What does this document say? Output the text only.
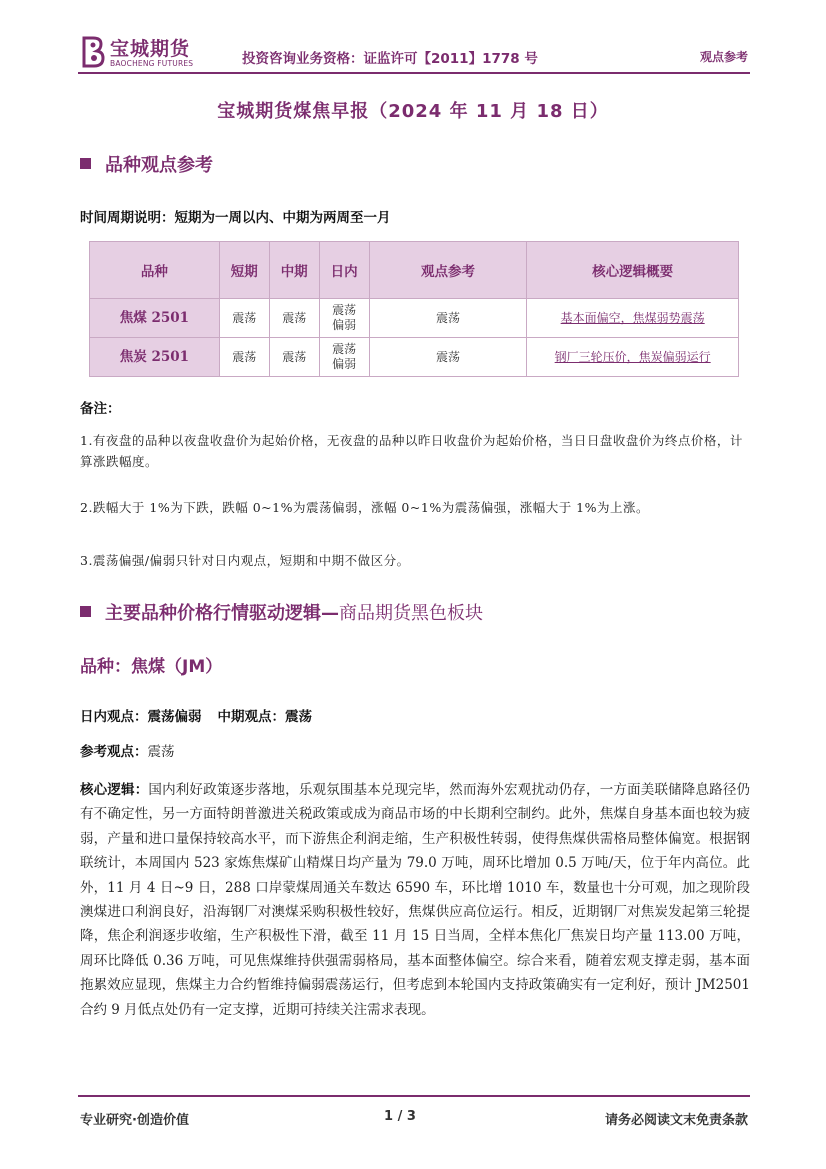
宝城期货
BAOCHENG FUTURES	投资咨询业务资格：证监许可【2011】1778 号	观点参考
宝城期货煤焦早报（2024 年 11 月 18 日）
品种观点参考
时间周期说明：短期为一周以内、中期为两周至一月
品种	短期	中期	日内	观点参考	核心逻辑概要
焦煤 2501	震荡	震荡	震荡偏弱	震荡	基本面偏空，焦煤弱势震荡
焦炭 2501	震荡	震荡	震荡偏弱	震荡	钢厂三轮压价，焦炭偏弱运行
备注：
1.有夜盘的品种以夜盘收盘价为起始价格，无夜盘的品种以昨日收盘价为起始价格，当日日盘收盘价为终点价格，计算涨跌幅度。
2.跌幅大于 1%为下跌，跌幅 0~1%为震荡偏弱，涨幅 0~1%为震荡偏强，涨幅大于 1%为上涨。
3.震荡偏强/偏弱只针对日内观点，短期和中期不做区分。
主要品种价格行情驱动逻辑—商品期货黑色板块
品种：焦煤（JM）
日内观点：震荡偏弱 中期观点：震荡
参考观点：震荡
核心逻辑：国内利好政策逐步落地，乐观氛围基本兑现完毕，然而海外宏观扰动仍存，一方面美联储降息路径仍有不确定性，另一方面特朗普激进关税政策或成为商品市场的中长期利空制约。此外，焦煤自身基本面也较为疲弱，产量和进口量保持较高水平，而下游焦企利润走缩，生产积极性转弱，使得焦煤供需格局整体偏宽。根据钢联统计，本周国内 523 家炼焦煤矿山精煤日均产量为 79.0 万吨，周环比增加 0.5 万吨/天，位于年内高位。此外，11 月 4 日~9 日，288 口岸蒙煤周通关车数达 6590 车，环比增 1010 车，数量也十分可观，加之现阶段澳煤进口利润良好，沿海钢厂对澳煤采购积极性较好，焦煤供应高位运行。相反，近期钢厂对焦炭发起第三轮提降，焦企利润逐步收缩，生产积极性下滑，截至 11 月 15 日当周，全样本焦化厂焦炭日均产量 113.00 万吨，周环比降低 0.36 万吨，可见焦煤维持供强需弱格局，基本面整体偏空。综合来看，随着宏观支撑走弱，基本面拖累效应显现，焦煤主力合约暂维持偏弱震荡运行，但考虑到本轮国内支持政策确实有一定利好，预计 JM2501 合约 9 月低点处仍有一定支撑，近期可持续关注需求表现。
专业研究·创造价值	1 / 3	请务必阅读文末免责条款
